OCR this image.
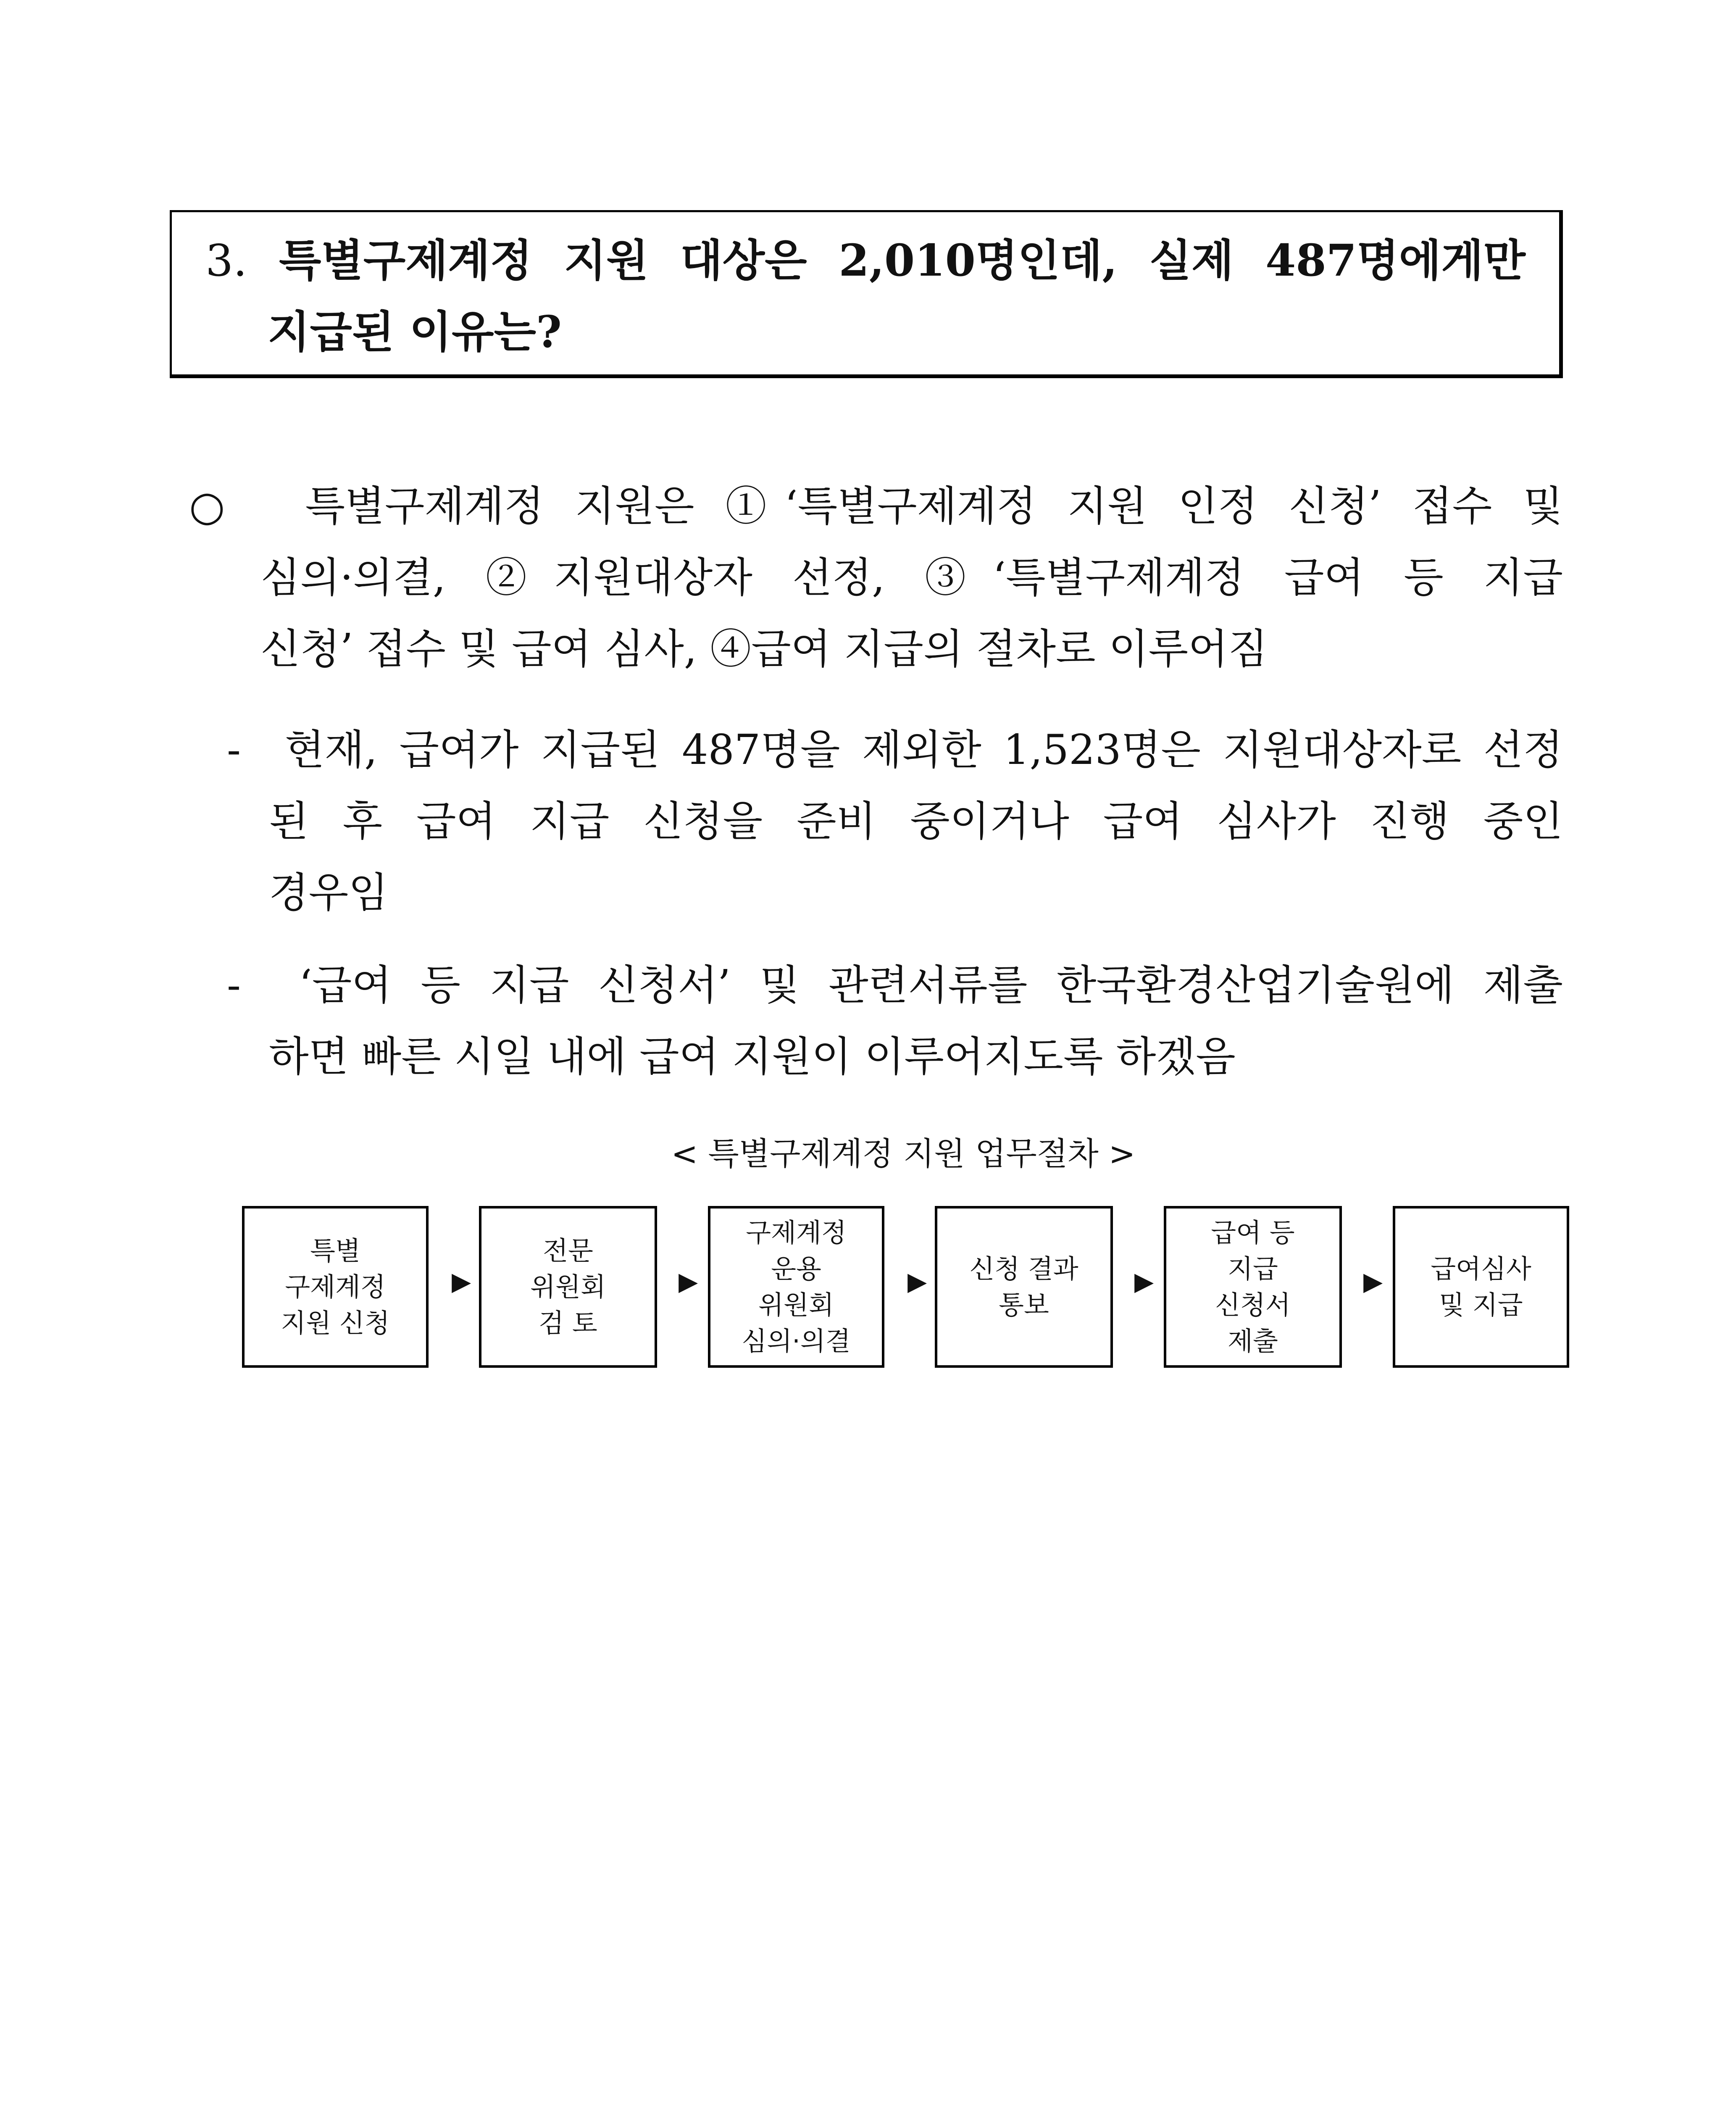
3. 특별구제계정 지원 대상은 2,010명인데, 실제 487명에게만
지급된 이유는?
○ 특별구제계정 지원은 ①‘특별구제계정 지원 인정 신청’ 접수 및
심의·의결, ②지원대상자 선정, ③‘특별구제계정 급여 등 지급
신청’ 접수 및 급여 심사, ④급여 지급의 절차로 이루어짐
- 현재, 급여가 지급된 487명을 제외한 1,523명은 지원대상자로 선정
된 후 급여 지급 신청을 준비 중이거나 급여 심사가 진행 중인
경우임
- ‘급여 등 지급 신청서’ 및 관련서류를 한국환경산업기술원에 제출
하면 빠른 시일 내에 급여 지원이 이루어지도록 하겠음
< 특별구제계정 지원 업무절차 >
특별
구제계정
지원 신청
▶
전문
위원회
검 토
▶
구제계정
운용
위원회
심의·의결
▶ 신청 결과
통보
▶
급여 등
지급
신청서
제출
▶ 급여심사
및 지급
